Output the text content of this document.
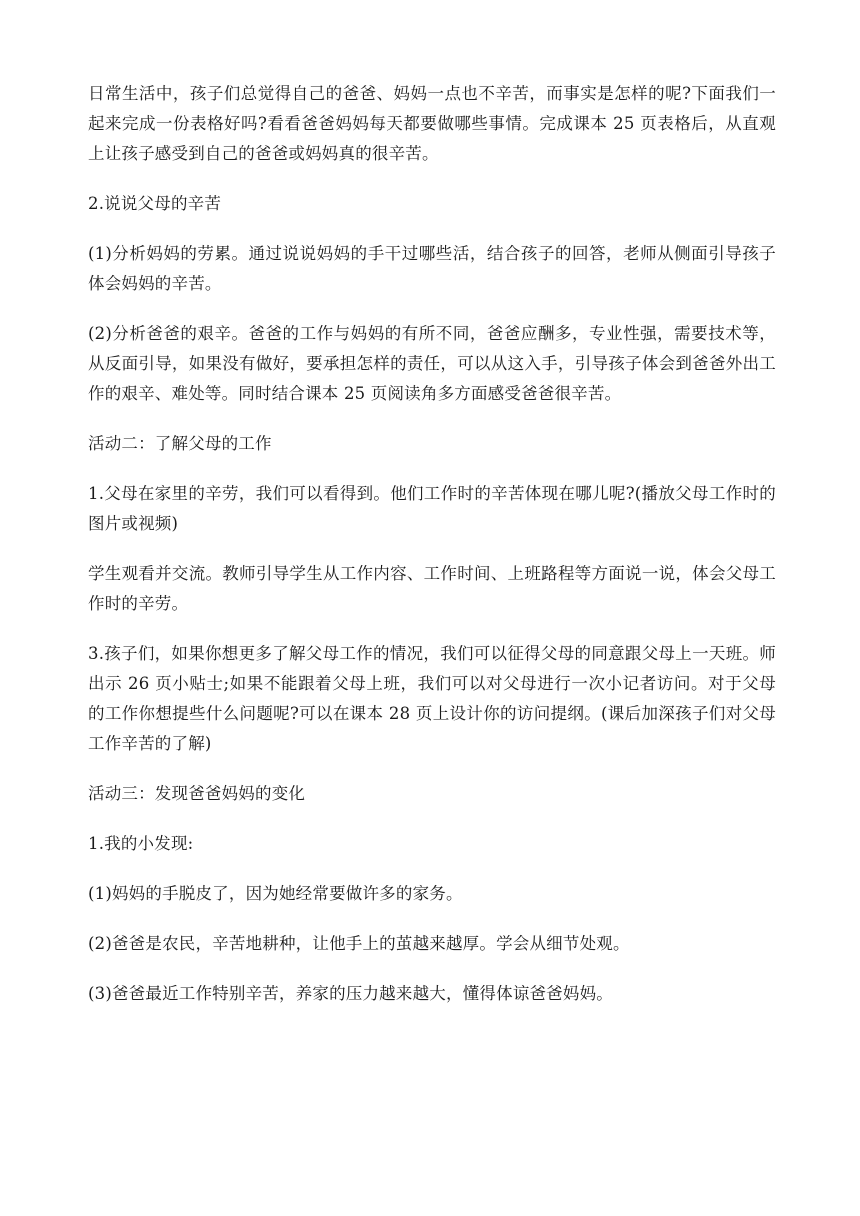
日常生活中，孩子们总觉得自己的爸爸、妈妈一点也不辛苦，而事实是怎样的呢?下面我们一起来完成一份表格好吗?看看爸爸妈妈每天都要做哪些事情。完成课本 25 页表格后，从直观上让孩子感受到自己的爸爸或妈妈真的很辛苦。

2.说说父母的辛苦

(1)分析妈妈的劳累。通过说说妈妈的手干过哪些活，结合孩子的回答，老师从侧面引导孩子体会妈妈的辛苦。

(2)分析爸爸的艰辛。爸爸的工作与妈妈的有所不同，爸爸应酬多，专业性强，需要技术等，从反面引导，如果没有做好，要承担怎样的责任，可以从这入手，引导孩子体会到爸爸外出工作的艰辛、难处等。同时结合课本 25 页阅读角多方面感受爸爸很辛苦。

活动二：了解父母的工作

1.父母在家里的辛劳，我们可以看得到。他们工作时的辛苦体现在哪儿呢?(播放父母工作时的图片或视频)

学生观看并交流。教师引导学生从工作内容、工作时间、上班路程等方面说一说，体会父母工作时的辛劳。

3.孩子们，如果你想更多了解父母工作的情况，我们可以征得父母的同意跟父母上一天班。师出示 26 页小贴士;如果不能跟着父母上班，我们可以对父母进行一次小记者访问。对于父母的工作你想提些什么问题呢?可以在课本 28 页上设计你的访问提纲。(课后加深孩子们对父母工作辛苦的了解)

活动三：发现爸爸妈妈的变化

1.我的小发现:

(1)妈妈的手脱皮了，因为她经常要做许多的家务。

(2)爸爸是农民，辛苦地耕种，让他手上的茧越来越厚。学会从细节处观。

(3)爸爸最近工作特别辛苦，养家的压力越来越大，懂得体谅爸爸妈妈。
